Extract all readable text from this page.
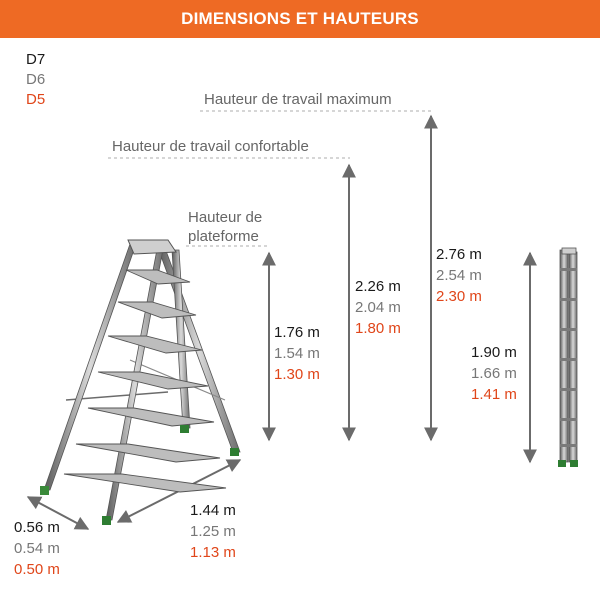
DIMENSIONS ET HAUTEURS
D7
D6
D5	Hauteur de travail maximum
Hauteur de travail confortable
Hauteur de
plateforme
1.76 m
1.54 m
1.30 m
2.26 m
2.04 m
1.80 m
2.76 m
2.54 m
2.30 m
1.90 m
1.66 m
1.41 m
1.44 m
1.25 m
1.13 m
0.56 m
0.54 m
0.50 m
